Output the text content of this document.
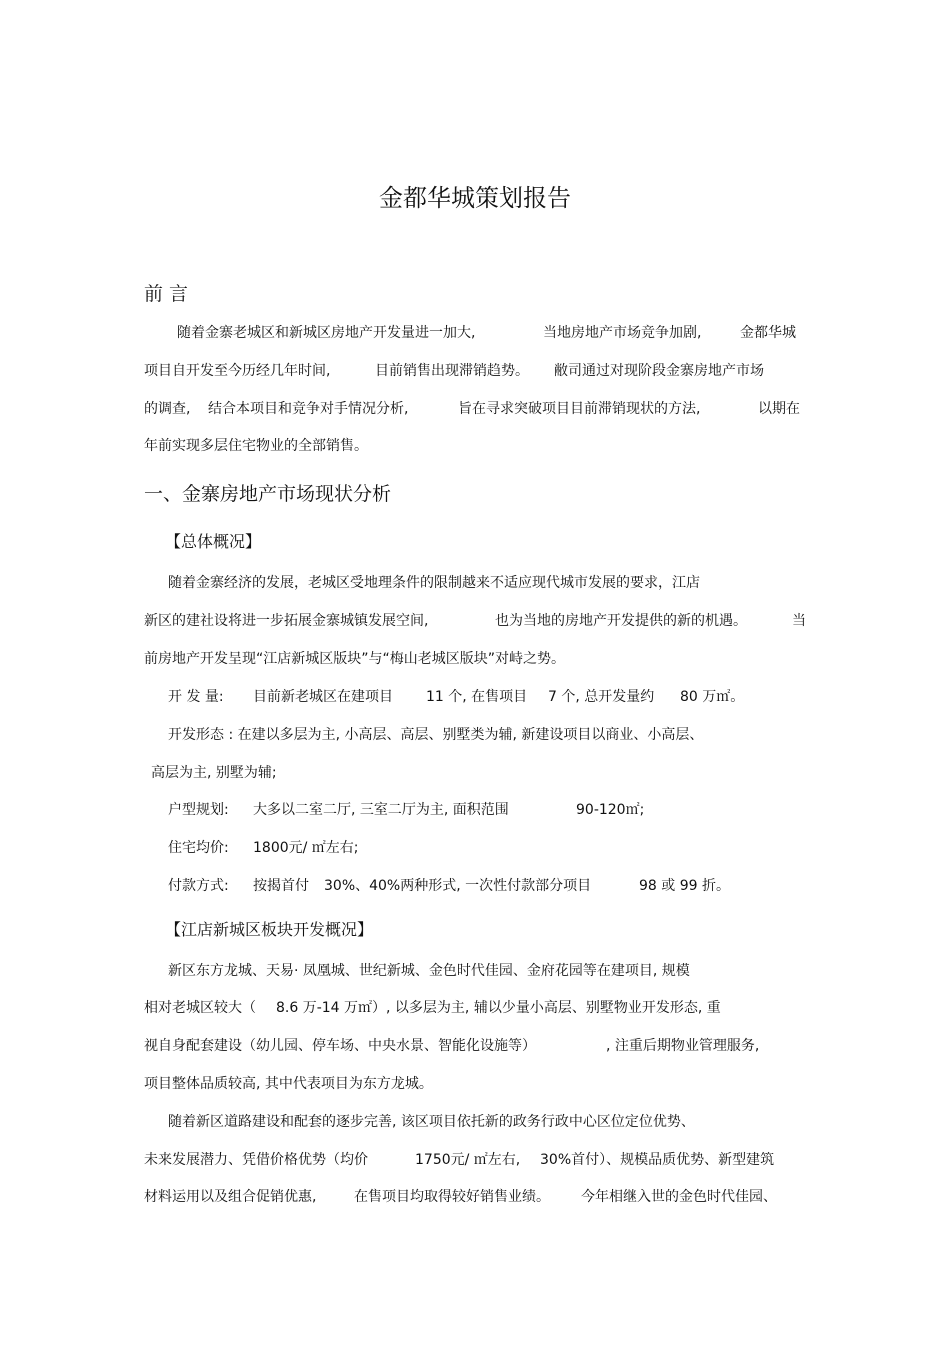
金都华城策划报告
前 言
随着金寨老城区和新城区房地产开发量进一加大,	当地房地产市场竞争加剧,	金都华城
项目自开发至今历经几年时间,	目前销售出现滞销趋势。 敝司通过对现阶段金寨房地产市场
的调查, 结合本项目和竞争对手情况分析,	旨在寻求突破项目目前滞销现状的方法,	以期在
年前实现多层住宅物业的全部销售。
一、金寨房地产市场现状分析
【总体概况】
随着金寨经济的发展，老城区受地理条件的限制越来不适应现代城市发展的要求，江店
新区的建社设将进一步拓展金寨城镇发展空间,	也为当地的房地产开发提供的新的机遇。	当
前房地产开发呈现“江店新城区版块”与“梅山老城区版块”对峙之势。
开 发 量: 目前新老城区在建项目 11 个, 在售项目 7 个, 总开发量约 80 万㎡。
开发形态 : 在建以多层为主, 小高层、高层、别墅类为辅, 新建设项目以商业、小高层、
高层为主, 别墅为辅;
户型规划: 大多以二室二厅, 三室二厅为主, 面积范围	90-120㎡;
住宅均价: 1800元/ ㎡左右;
付款方式: 按揭首付 30%、40%两种形式, 一次性付款部分项目	98 或 99 折。
【江店新城区板块开发概况】
新区东方龙城、天易· 凤凰城、世纪新城、金色时代佳园、金府花园等在建项目, 规模
相对老城区较大（ 8.6 万-14 万㎡）, 以多层为主, 辅以少量小高层、别墅物业开发形态, 重
视自身配套建设（幼儿园、停车场、中央水景、智能化设施等）	, 注重后期物业管理服务,
项目整体品质较高, 其中代表项目为东方龙城。
随着新区道路建设和配套的逐步完善, 该区项目依托新的政务行政中心区位定位优势、
未来发展潜力、凭借价格优势（均价	1750元/ ㎡左右, 30%首付）、规模品质优势、新型建筑
材料运用以及组合促销优惠,	在售项目均取得较好销售业绩。 今年相继入世的金色时代佳园、
